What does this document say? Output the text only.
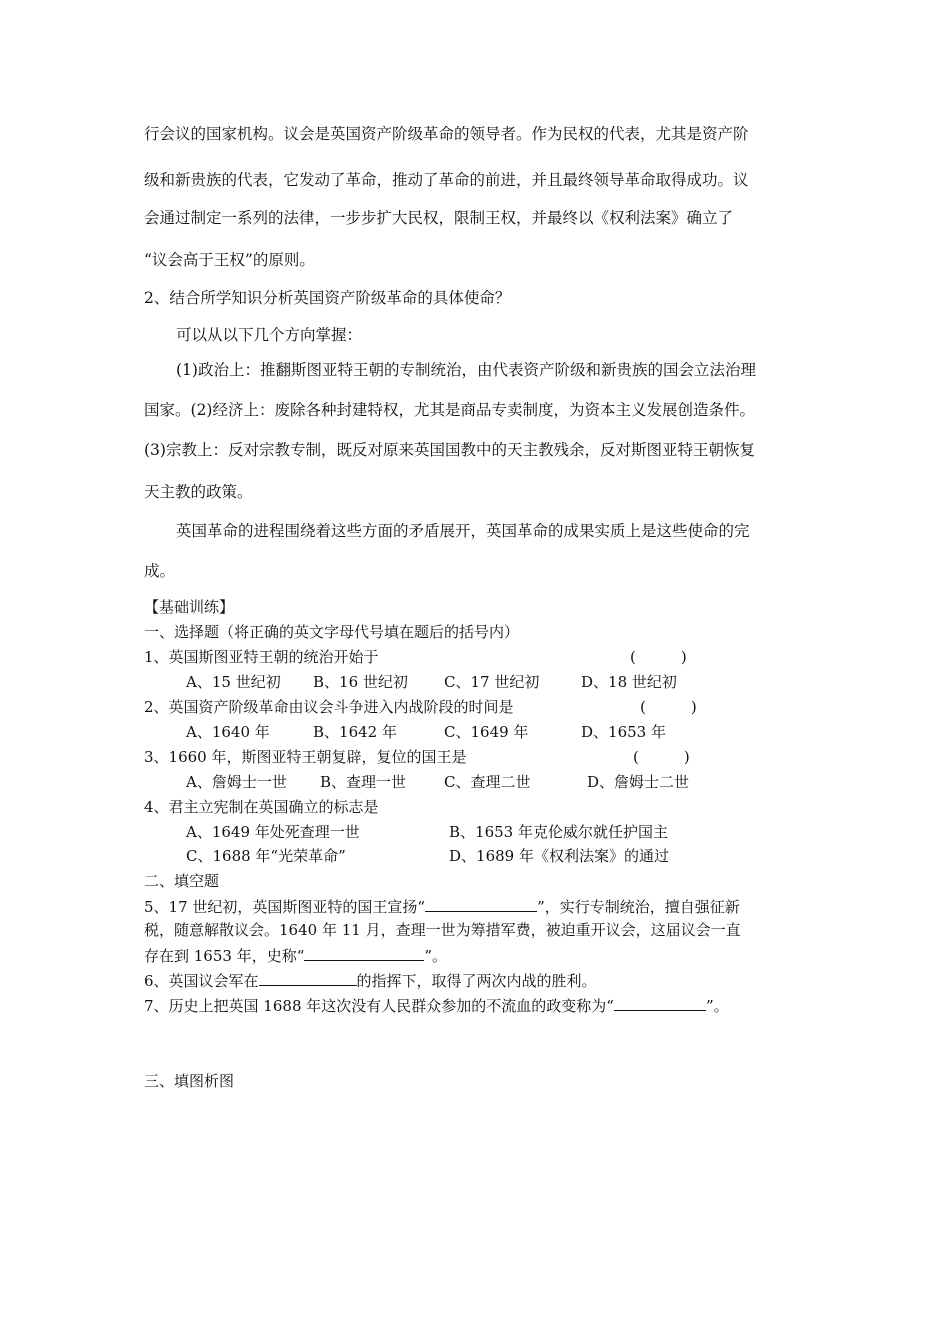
行会议的国家机构。议会是英国资产阶级革命的领导者。作为民权的代表，尤其是资产阶
级和新贵族的代表，它发动了革命，推动了革命的前进，并且最终领导革命取得成功。议
会通过制定一系列的法律，一步步扩大民权，限制王权，并最终以《权利法案》确立了
“议会高于王权”的原则。
2、结合所学知识分析英国资产阶级革命的具体使命？
可以从以下几个方向掌握：
(1)政治上：推翻斯图亚特王朝的专制统治，由代表资产阶级和新贵族的国会立法治理
国家。(2)经济上：废除各种封建特权，尤其是商品专卖制度，为资本主义发展创造条件。
(3)宗教上：反对宗教专制，既反对原来英国国教中的天主教残余，反对斯图亚特王朝恢复
天主教的政策。
英国革命的进程围绕着这些方面的矛盾展开，英国革命的成果实质上是这些使命的完
成。
【基础训练】
一、选择题（将正确的英文字母代号填在题后的括号内）
1、英国斯图亚特王朝的统治开始于	(　　　)
A、15 世纪初 B、16 世纪初 C、17 世纪初	D、18 世纪初
2、英国资产阶级革命由议会斗争进入内战阶段的时间是	(　　　)
A、1640 年	B、1642 年	C、1649 年	D、1653 年
3、1660 年，斯图亚特王朝复辟，复位的国王是	(　　　)
A、詹姆士一世 B、查理一世	C、查理二世	D、詹姆士二世
4、君主立宪制在英国确立的标志是
A、1649 年处死查理一世	B、1653 年克伦威尔就任护国主
C、1688 年“光荣革命”	D、1689 年《权利法案》的通过
二、填空题
5、17 世纪初，英国斯图亚特的国王宣扬“	”，实行专制统治，擅自强征新
税，随意解散议会。1640 年 11 月，查理一世为筹措军费，被迫重开议会，这届议会一直
存在到 1653 年，史称“	”。
6、英国议会军在	的指挥下，取得了两次内战的胜利。
7、历史上把英国 1688 年这次没有人民群众参加的不流血的政变称为“	”。
三、填图析图
